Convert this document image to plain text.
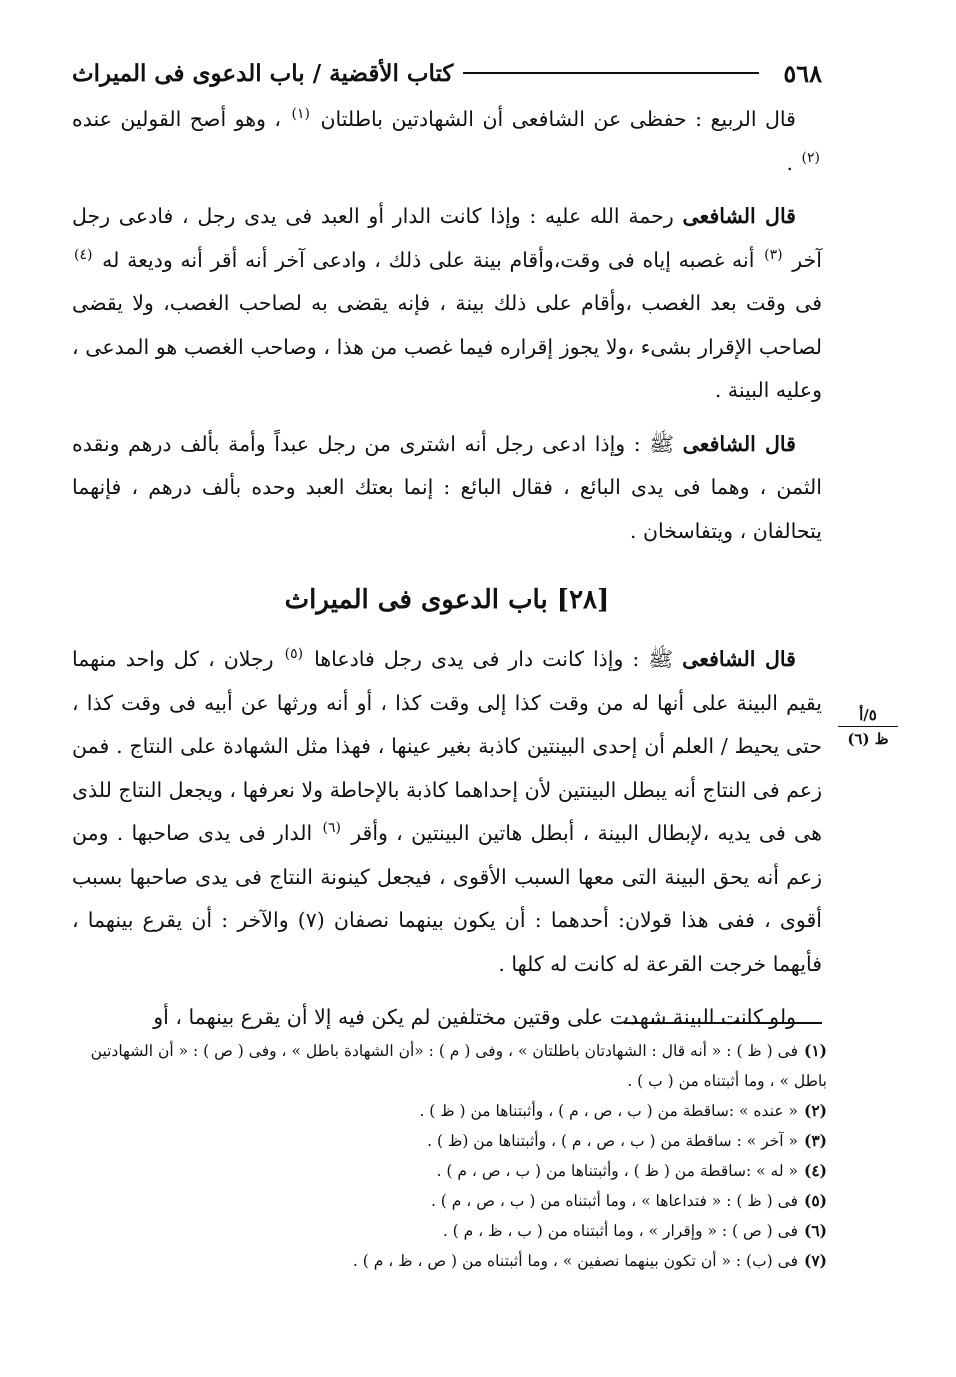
٥٦٨
كتاب الأقضية / باب الدعوى فى الميراث

قال الربيع : حفظى عن الشافعى أن الشهادتين باطلتان $^{(١)}$ ، وهو أصح القولين عنده $^{(٢)}$ .

قال الشافعى رحمة الله عليه : وإذا كانت الدار أو العبد فى يدى رجل ، فادعى رجل آخر $^{(٣)}$ أنه غصبه إياه فى وقت،وأقام بينة على ذلك ، وادعى آخر أنه أقر أنه وديعة له $^{(٤)}$ فى وقت بعد الغصب ،وأقام على ذلك بينة ، فإنه يقضى به لصاحب الغصب، ولا يقضى لصاحب الإقرار بشىء ،ولا يجوز إقراره فيما غصب من هذا ، وصاحب الغصب هو المدعى ، وعليه البينة .

قال الشافعى ﷺ : وإذا ادعى رجل أنه اشترى من رجل عبداً وأمة بألف درهم ونقده الثمن ، وهما فى يدى البائع ، فقال البائع : إنما بعتك العبد وحده بألف درهم ، فإنهما يتحالفان ، ويتفاسخان .

[٢٨] باب الدعوى فى الميراث

قال الشافعى ﷺ : وإذا كانت دار فى يدى رجل فادعاها $^{(٥)}$ رجلان ، كل واحد منهما يقيم البينة على أنها له من وقت كذا إلى وقت كذا ، أو أنه ورثها عن أبيه فى وقت كذا ، حتى يحيط / العلم أن إحدى البينتين كاذبة بغير عينها ، فهذا مثل الشهادة على النتاج . فمن زعم فى النتاج أنه يبطل البينتين لأن إحداهما كاذبة بالإحاطة ولا نعرفها ، ويجعل النتاج للذى هى فى يديه ،لإبطال البينة ، أبطل هاتين البينتين ، وأقر $^{(٦)}$ الدار فى يدى صاحبها . ومن زعم أنه يحق البينة التى معها السبب الأقوى ، فيجعل كينونة النتاج فى يدى صاحبها بسبب أقوى ، ففى هذا قولان: أحدهما : أن يكون بينهما نصفان (٧) والآخر : أن يقرع بينهما ، فأيهما خرجت القرعة له كانت له كلها .

ولو كانت البينة شهدت على وقتين مختلفين لم يكن فيه إلا أن يقرع بينهما ، أو

٥/أ
ظ (٦)

(١)فى ( ظ ) : « أنه قال : الشهادتان باطلتان » ، وفى ( م ) : «أن الشهادة باطل » ، وفى ( ص ) : « أن الشهادتين باطل » ، وما أثبتناه من ( ب ) .

(٢)« عنده » :ساقطة من ( ب ، ص ، م ) ، وأثبتناها من ( ظ ) .

(٣)« آخر » : ساقطة من ( ب ، ص ، م ) ، وأثبتناها من (ظ ) .

(٤)« له » :ساقطة من ( ظ ) ، وأثبتناها من ( ب ، ص ، م ) .

(٥)فى ( ظ ) : « فتداعاها » ، وما أثبتناه من ( ب ، ص ، م ) .

(٦)فى ( ص ) : « وإقرار » ، وما أثبتناه من ( ب ، ظ ، م ) .

(٧)فى (ب) : « أن تكون بينهما نصفين » ، وما أثبتناه من ( ص ، ظ ، م ) .
